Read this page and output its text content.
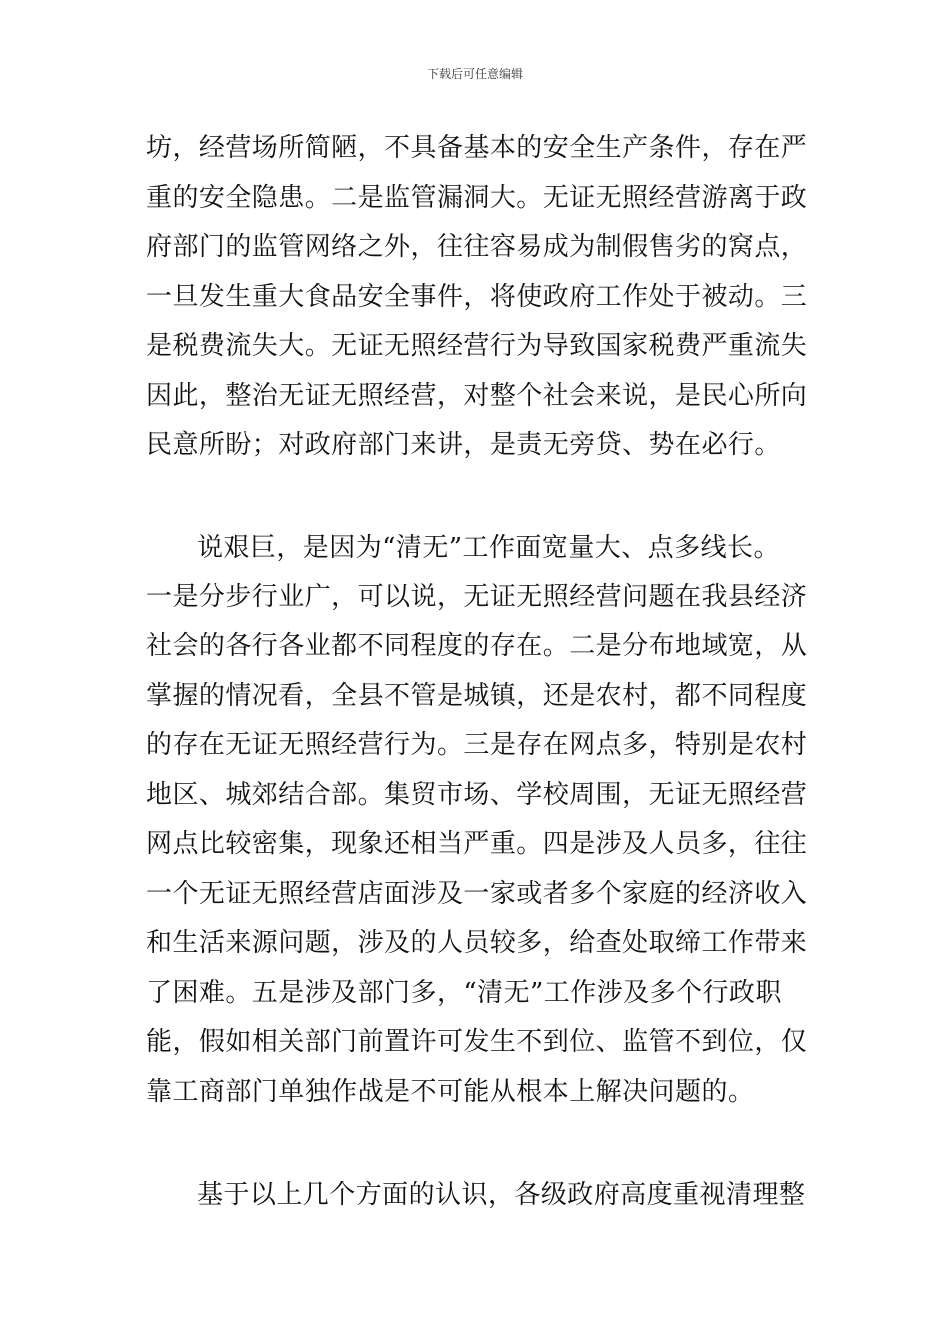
下载后可任意编辑
坊，经营场所简陋，不具备基本的安全生产条件，存在严
重的安全隐患。二是监管漏洞大。无证无照经营游离于政
府部门的监管网络之外，往往容易成为制假售劣的窝点，
一旦发生重大食品安全事件，将使政府工作处于被动。三
是税费流失大。无证无照经营行为导致国家税费严重流失
因此，整治无证无照经营，对整个社会来说，是民心所向
民意所盼；对政府部门来讲，是责无旁贷、势在必行。
说艰巨，是因为“清无”工作面宽量大、点多线长。
一是分步行业广，可以说，无证无照经营问题在我县经济
社会的各行各业都不同程度的存在。二是分布地域宽，从
掌握的情况看，全县不管是城镇，还是农村，都不同程度
的存在无证无照经营行为。三是存在网点多，特别是农村
地区、城郊结合部。集贸市场、学校周围，无证无照经营
网点比较密集，现象还相当严重。四是涉及人员多，往往
一个无证无照经营店面涉及一家或者多个家庭的经济收入
和生活来源问题，涉及的人员较多，给查处取缔工作带来
了困难。五是涉及部门多，“清无”工作涉及多个行政职
能，假如相关部门前置许可发生不到位、监管不到位，仅
靠工商部门单独作战是不可能从根本上解决问题的。
基于以上几个方面的认识，各级政府高度重视清理整
